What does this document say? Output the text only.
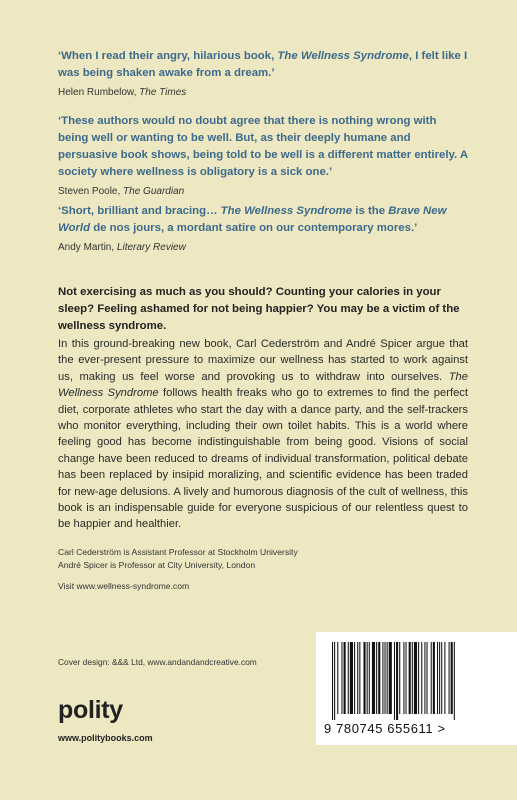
‘When I read their angry, hilarious book, The Wellness Syndrome, I felt like I was being shaken awake from a dream.’

Helen Rumbelow, The Times

‘These authors would no doubt agree that there is nothing wrong with being well or wanting to be well. But, as their deeply humane and persuasive book shows, being told to be well is a different matter entirely. A society where wellness is obligatory is a sick one.’

Steven Poole, The Guardian

‘Short, brilliant and bracing… The Wellness Syndrome is the Brave New World de nos jours, a mordant satire on our contemporary mores.’

Andy Martin, Literary Review

Not exercising as much as you should? Counting your calories in your sleep? Feeling ashamed for not being happier? You may be a victim of the wellness syndrome.

In this ground-breaking new book, Carl Cederström and André Spicer argue that the ever-present pressure to maximize our wellness has started to work against us, making us feel worse and provoking us to withdraw into ourselves. The Wellness Syndrome follows health freaks who go to extremes to find the perfect diet, corporate athletes who start the day with a dance party, and the self-trackers who monitor everything, including their own toilet habits. This is a world where feeling good has become indistinguishable from being good. Visions of social change have been reduced to dreams of individual transformation, political debate has been replaced by insipid moralizing, and scientific evidence has been traded for new-age delusions. A lively and humorous diagnosis of the cult of wellness, this book is an indispensable guide for everyone suspicious of our relentless quest to be happier and healthier.

Carl Cederström is Assistant Professor at Stockholm University
André Spicer is Professor at City University, London
Visit www.wellness-syndrome.com
Cover design: &&& Ltd, www.andandandcreative.com
polity
www.politybooks.com
9 780745 655611 >
